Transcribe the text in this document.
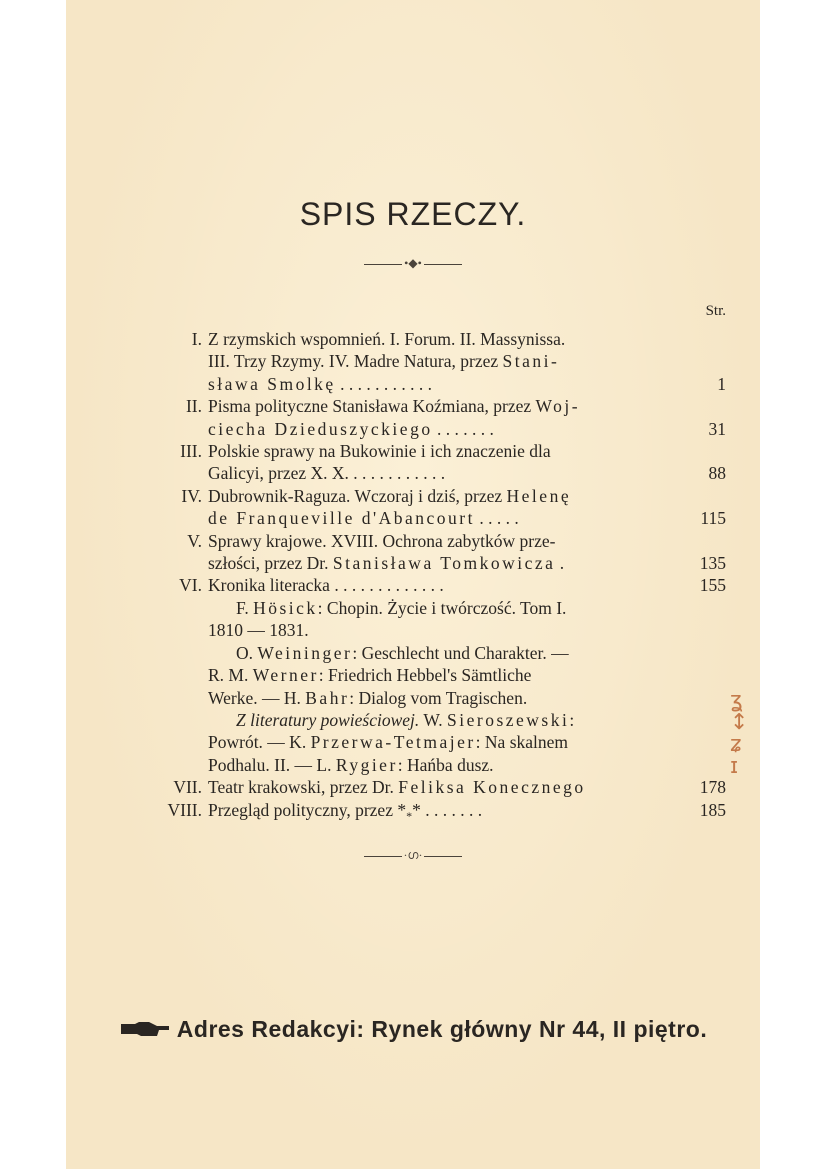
SPIS RZECZY.
•◆•
Str.
I. Z rzymskich wspomnień. I. Forum. II. Massynissa.
III. Trzy Rzymy. IV. Madre Natura, przez Stani-
sława Smolkę . . . . . . . . . . .	1
II. Pisma polityczne Stanisława Koźmiana, przez Woj-
ciecha Dzieduszyckiego . . . . . . .	31
III. Polskie sprawy na Bukowinie i ich znaczenie dla
Galicyi, przez X. X. . . . . . . . . . . .	88
IV. Dubrownik-Raguza. Wczoraj i dziś, przez Helenę
de Franqueville d'Abancourt . . . . .	115
V. Sprawy krajowe. XVIII. Ochrona zabytków prze-
szłości, przez Dr. Stanisława Tomkowicza .	135
VI. Kronika literacka . . . . . . . . . . . . .	155
F. Hösick: Chopin. Życie i twórczość. Tom I.
1810 — 1831.
O. Weininger: Geschlecht und Charakter. —
R. M. Werner: Friedrich Hebbel's Sämtliche
Werke. — H. Bahr: Dialog vom Tragischen.
Z literatury powieściowej. W. Sieroszewski:
Powrót. — K. Przerwa-Tetmajer: Na skalnem
Podhalu. II. — L. Rygier: Hańba dusz.
VII. Teatr krakowski, przez Dr. Feliksa Konecznego	178
VIII. Przegląd polityczny, przez $*_**$ . . . . . . .	185
·ഗ·
Adres Redakcyi: Rynek główny Nr 44, II piętro.
ʓ
↕
ʑ
ɪ
